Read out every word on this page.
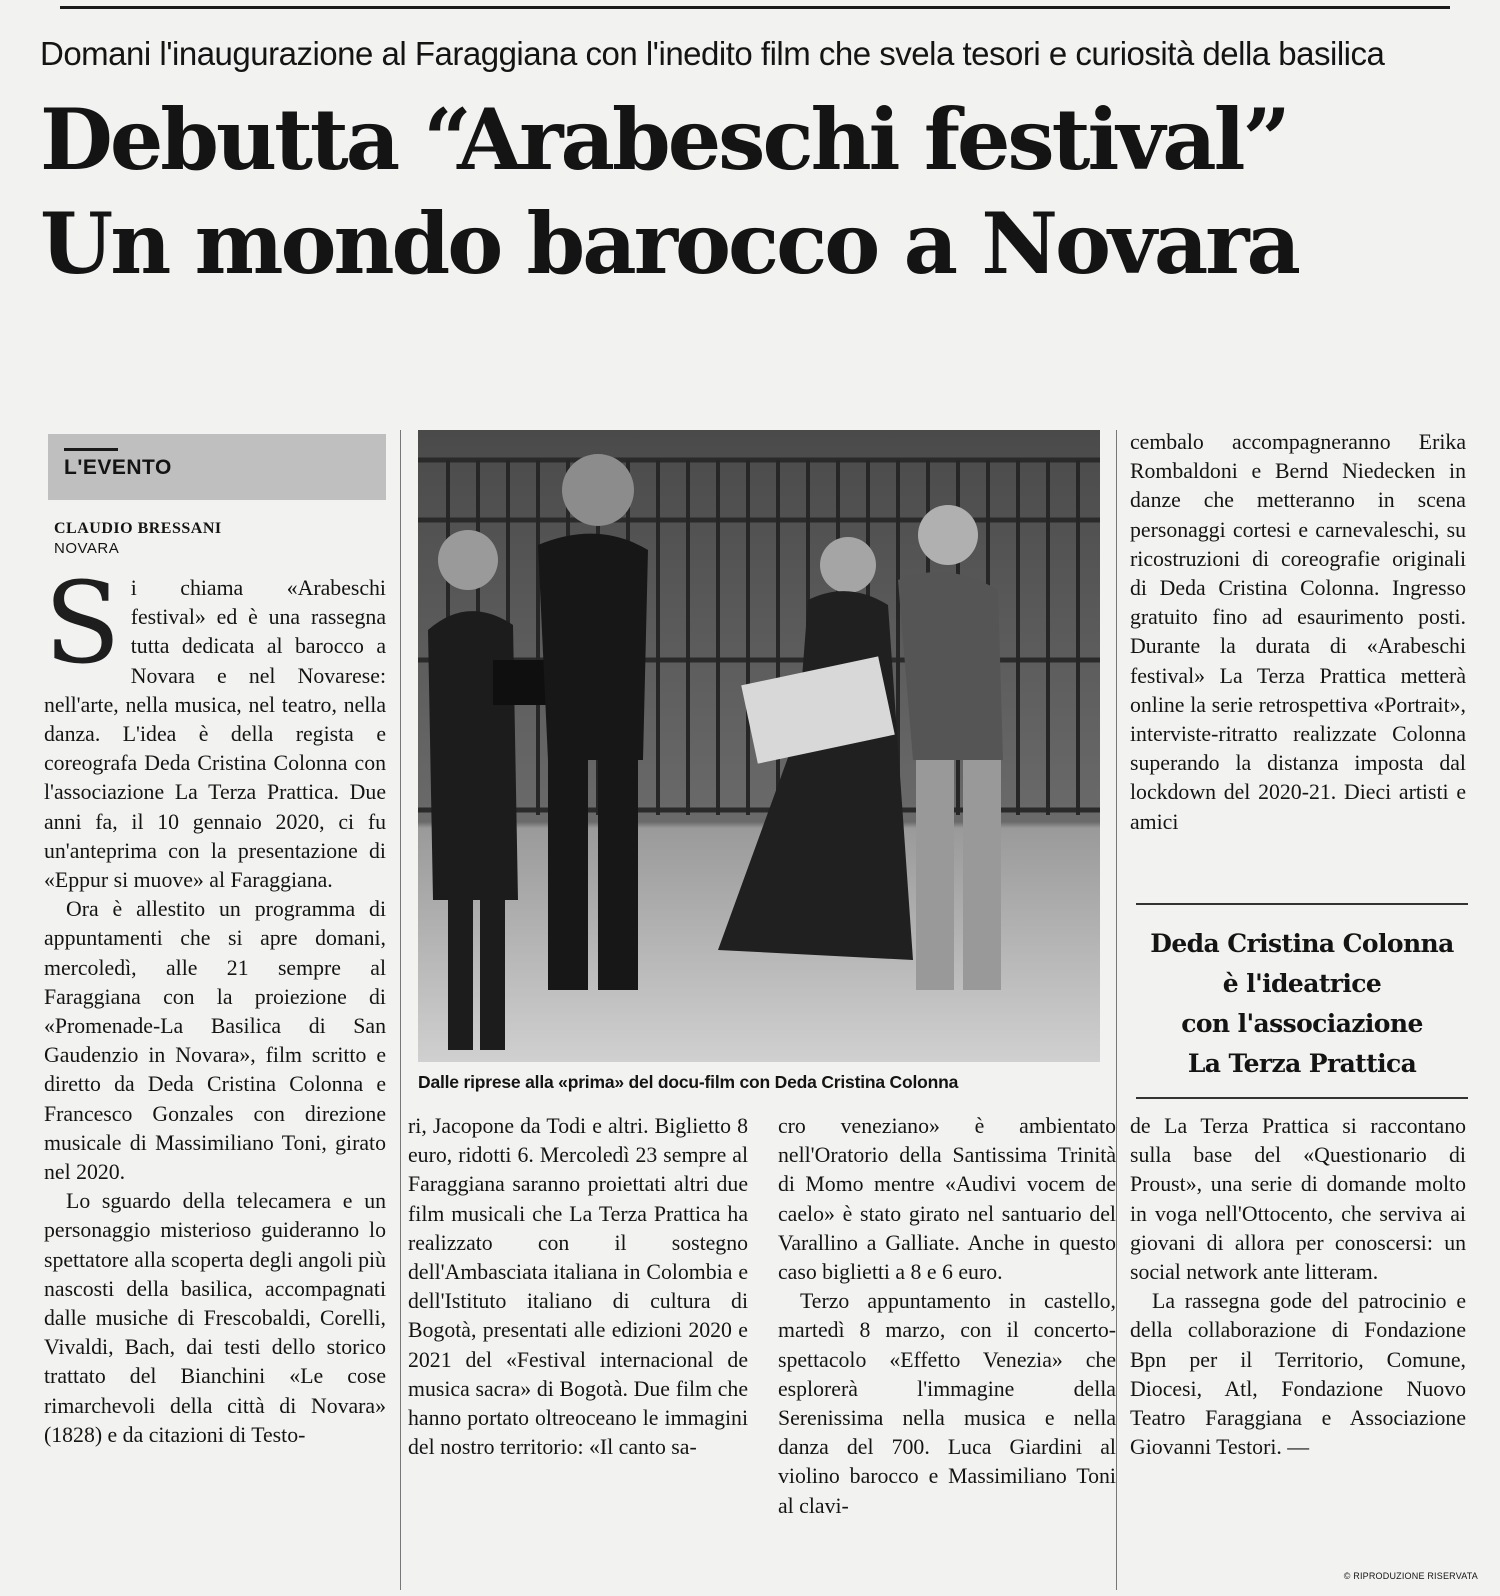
Domani l'inaugurazione al Faraggiana con l'inedito film che svela tesori e curiosità della basilica
Debutta “Arabeschi festival”
Un mondo barocco a Novara
L'EVENTO
CLAUDIO BRESSANI
NOVARA

Si chiama «Arabeschi festival» ed è una rassegna tutta dedicata al barocco a Novara e nel Novarese: nell'arte, nella musica, nel teatro, nella danza. L'idea è della regista e coreografa Deda Cristina Colonna con l'associazione La Terza Prattica. Due anni fa, il 10 gennaio 2020, ci fu un'anteprima con la presentazione di «Eppur si muove» al Faraggiana.

Ora è allestito un programma di appuntamenti che si apre domani, mercoledì, alle 21 sempre al Faraggiana con la proiezione di «Promenade-La Basilica di San Gaudenzio in Novara», film scritto e diretto da Deda Cristina Colonna e Francesco Gonzales con direzione musicale di Massimiliano Toni, girato nel 2020.

Lo sguardo della telecamera e un personaggio misterioso guideranno lo spettatore alla scoperta degli angoli più nascosti della basilica, accompagnati dalle musiche di Frescobaldi, Corelli, Vivaldi, Bach, dai testi dello storico trattato del Bianchini «Le cose rimarchevoli della città di Novara» (1828) e da citazioni di Testo-

Dalle riprese alla «prima» del docu-film con Deda Cristina Colonna

ri, Jacopone da Todi e altri. Biglietto 8 euro, ridotti 6. Mercoledì 23 sempre al Faraggiana saranno proiettati altri due film musicali che La Terza Prattica ha realizzato con il sostegno dell'Ambasciata italiana in Colombia e dell'Istituto italiano di cultura di Bogotà, presentati alle edizioni 2020 e 2021 del «Festival internacional de musica sacra» di Bogotà. Due film che hanno portato oltreoceano le immagini del nostro territorio: «Il canto sa-

cro veneziano» è ambientato nell'Oratorio della Santissima Trinità di Momo mentre «Audivi vocem de caelo» è stato girato nel santuario del Varallino a Galliate. Anche in questo caso biglietti a 8 e 6 euro.

Terzo appuntamento in castello, martedì 8 marzo, con il concerto-spettacolo «Effetto Venezia» che esplorerà l'immagine della Serenissima nella musica e nella danza del 700. Luca Giardini al violino barocco e Massimiliano Toni al clavi-

cembalo accompagneranno Erika Rombaldoni e Bernd Niedecken in danze che metteranno in scena personaggi cortesi e carnevaleschi, su ricostruzioni di coreografie originali di Deda Cristina Colonna. Ingresso gratuito fino ad esaurimento posti. Durante la durata di «Arabeschi festival» La Terza Prattica metterà online la serie retrospettiva «Portrait», interviste-ritratto realizzate Colonna superando la distanza imposta dal lockdown del 2020-21. Dieci artisti e amici

Deda Cristina Colonna
è l'ideatrice
con l'associazione
La Terza Prattica

de La Terza Prattica si raccontano sulla base del «Questionario di Proust», una serie di domande molto in voga nell'Ottocento, che serviva ai giovani di allora per conoscersi: un social network ante litteram.

La rassegna gode del patrocinio e della collaborazione di Fondazione Bpn per il Territorio, Comune, Diocesi, Atl, Fondazione Nuovo Teatro Faraggiana e Associazione Giovanni Testori. —

© RIPRODUZIONE RISERVATA
